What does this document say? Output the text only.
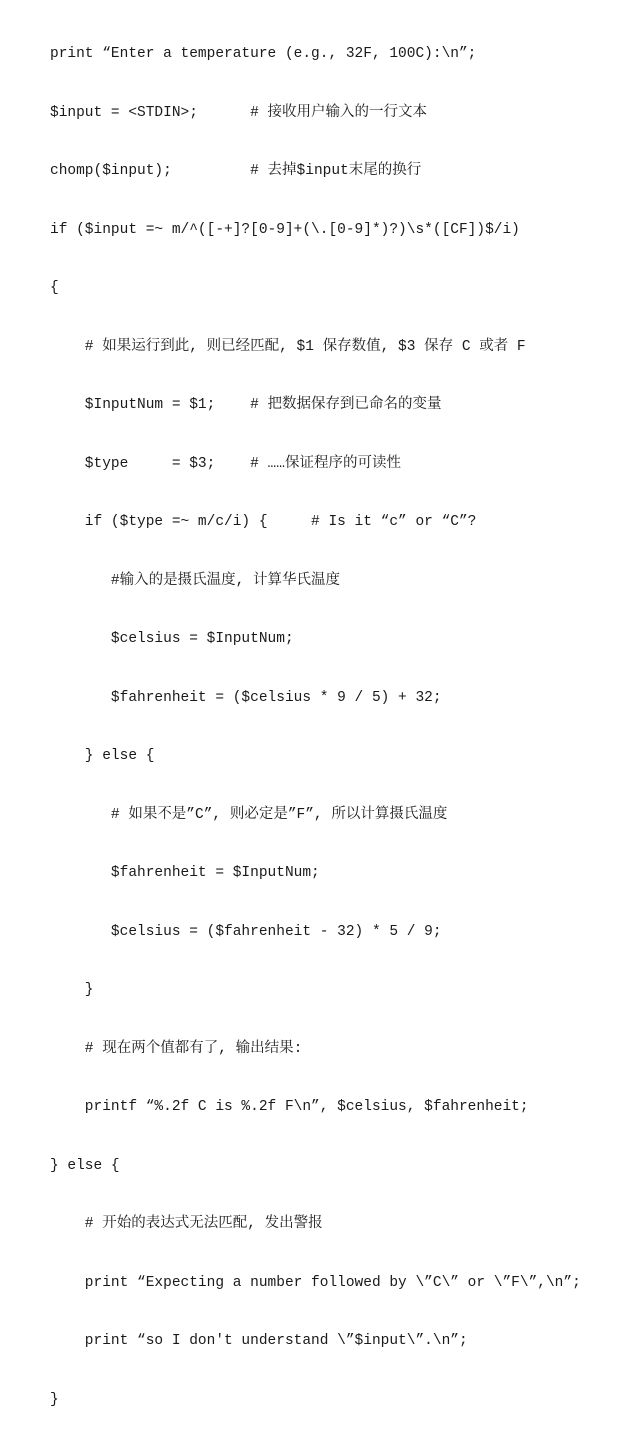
print “Enter a temperature (e.g., 32F, 100C):\n”;

$input = <STDIN>;      # 接收用户输入的一行文本

chomp($input);         # 去掉$input末尾的换行

if ($input =~ m/^([-+]?[0-9]+(\.[0-9]*)?)\s*([CF])$/i)

{

# 如果运行到此, 则已经匹配, $1 保存数值, $3 保存 C 或者 F

$InputNum = $1;    # 把数据保存到已命名的变量

$type     = $3;    # ……保证程序的可读性

if ($type =~ m/c/i) {     # Is it “c” or “C”?

#输入的是摄氏温度, 计算华氏温度

$celsius = $InputNum;

$fahrenheit = ($celsius * 9 / 5) + 32;

} else {

# 如果不是”C”, 则必定是”F”, 所以计算摄氏温度

$fahrenheit = $InputNum;

$celsius = ($fahrenheit - 32) * 5 / 9;

}

# 现在两个值都有了, 输出结果:

printf “%.2f C is %.2f F\n”, $celsius, $fahrenheit;

} else {

# 开始的表达式无法匹配, 发出警报

print “Expecting a number followed by \”C\” or \”F\”,\n”;

print “so I don't understand \”$input\”.\n”;

}
